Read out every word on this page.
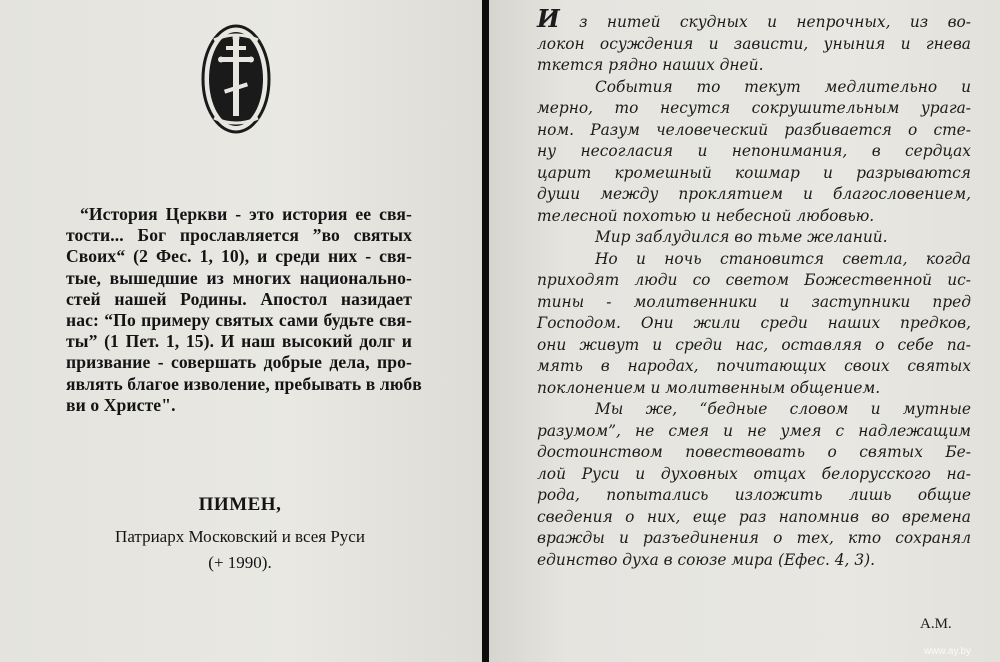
“История Церкви - это история ее свя-
тости... Бог прославляется ”во святых
Своих“ (2 Фес. 1, 10), и среди них - свя-
тые, вышедшие из многих национально-
стей нашей Родины. Апостол назидает
нас: “По примеру святых сами будьте свя-
ты” (1 Пет. 1, 15). И наш высокий долг и
призвание - совершать добрые дела, про-
являть благое изволение, пребывать в любв
ви о Христе".
ПИМЕН,
Патриарх Московский и всея Руси
(+ 1990).
И з нитей скудных и непрочных, из во-
локон осуждения и зависти, уныния и гнева
ткется рядно наших дней.
События то текут медлительно и
мерно, то несутся сокрушительным урага-
ном. Разум человеческий разбивается о сте-
ну несогласия и непонимания, в сердцах
царит кромешный кошмар и разрываются
души между проклятием и благословением,
телесной похотью и небесной любовью.
Мир заблудился во тьме желаний.
Но и ночь становится светла, когда
приходят люди со светом Божественной ис-
тины - молитвенники и заступники пред
Господом. Они жили среди наших предков,
они живут и среди нас, оставляя о себе па-
мять в народах, почитающих своих святых
поклонением и молитвенным общением.
Мы же, “бедные словом и мутные
разумом”, не смея и не умея с надлежащим
достоинством повествовать о святых Бе-
лой Руси и духовных отцах белорусского на-
рода, попытались изложить лишь общие
сведения о них, еще раз напомнив во времена
вражды и разъединения о тех, кто сохранял
единство духа в союзе мира (Ефес. 4, 3).
А.М.
www.ay.by
